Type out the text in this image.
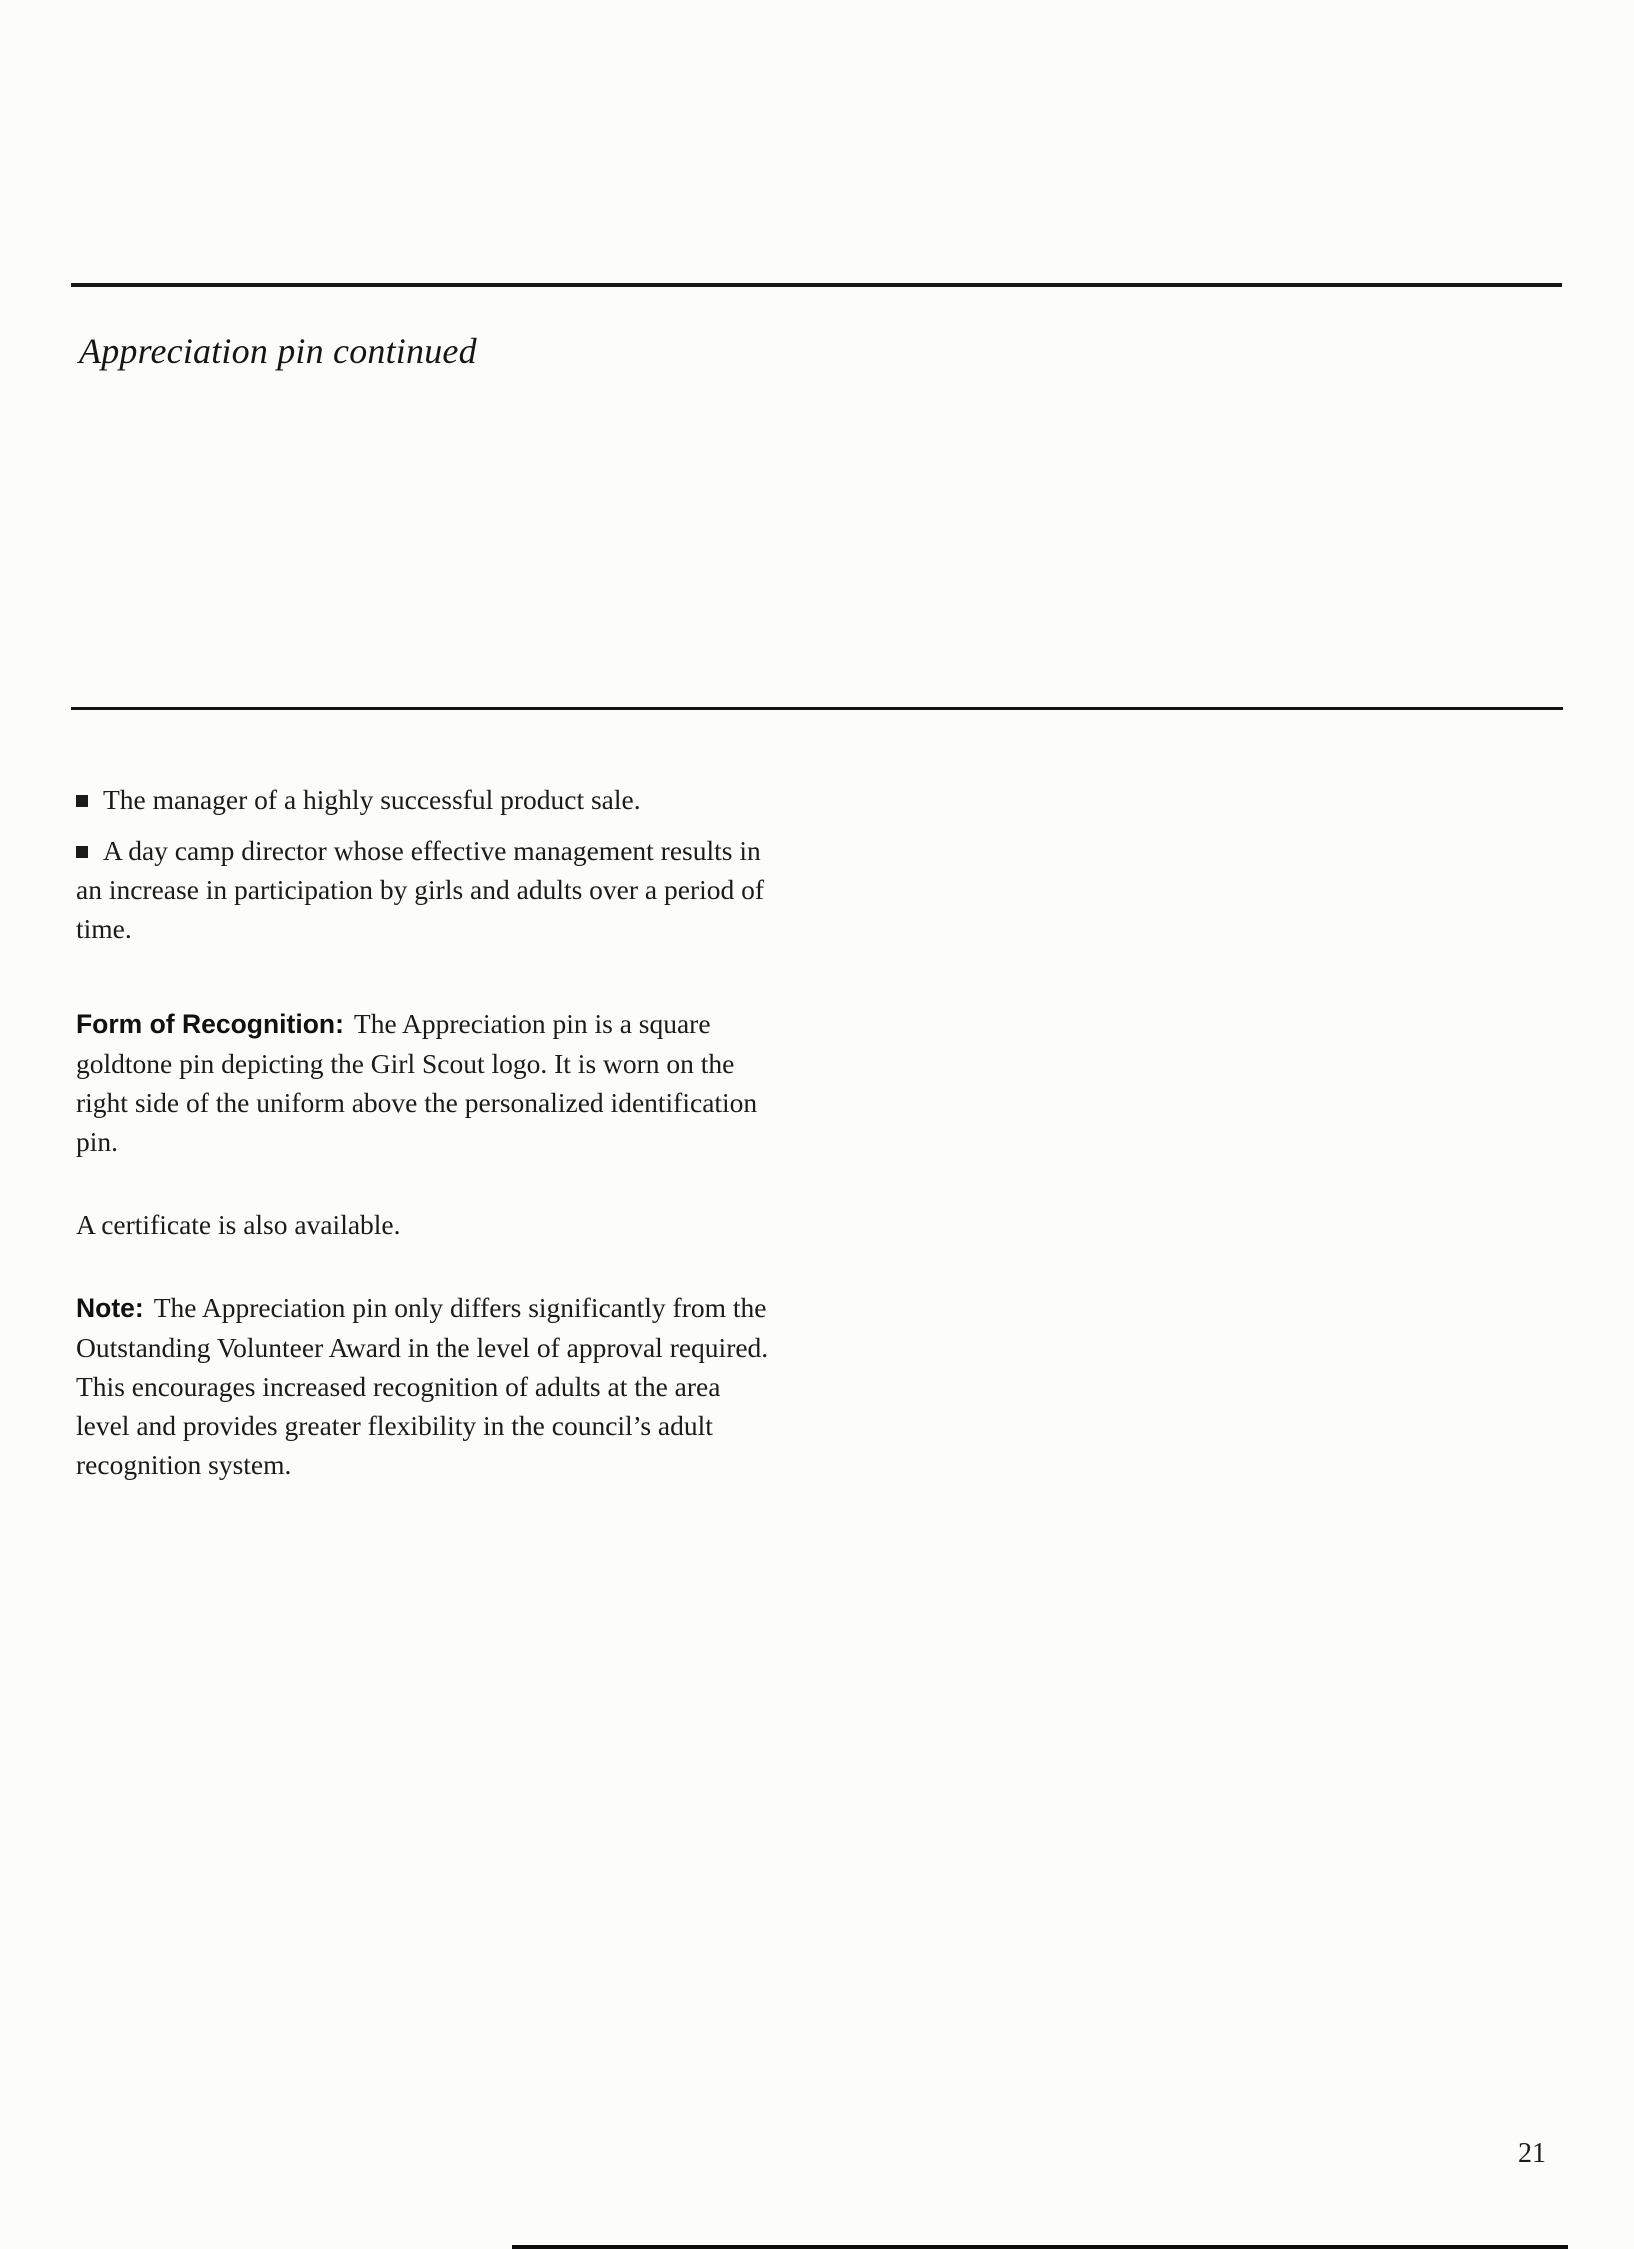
Appreciation pin continued

The manager of a highly successful product sale.

A day camp director whose effective management results in an increase in participation by girls and adults over a period of time.

Form of Recognition: The Appreciation pin is a square goldtone pin depicting the Girl Scout logo. It is worn on the right side of the uniform above the personalized identification pin.

A certificate is also available.

Note: The Appreciation pin only differs significantly from the Outstanding Volunteer Award in the level of approval required. This encourages increased recognition of adults at the area level and provides greater flexibility in the council’s adult recognition system.

21
